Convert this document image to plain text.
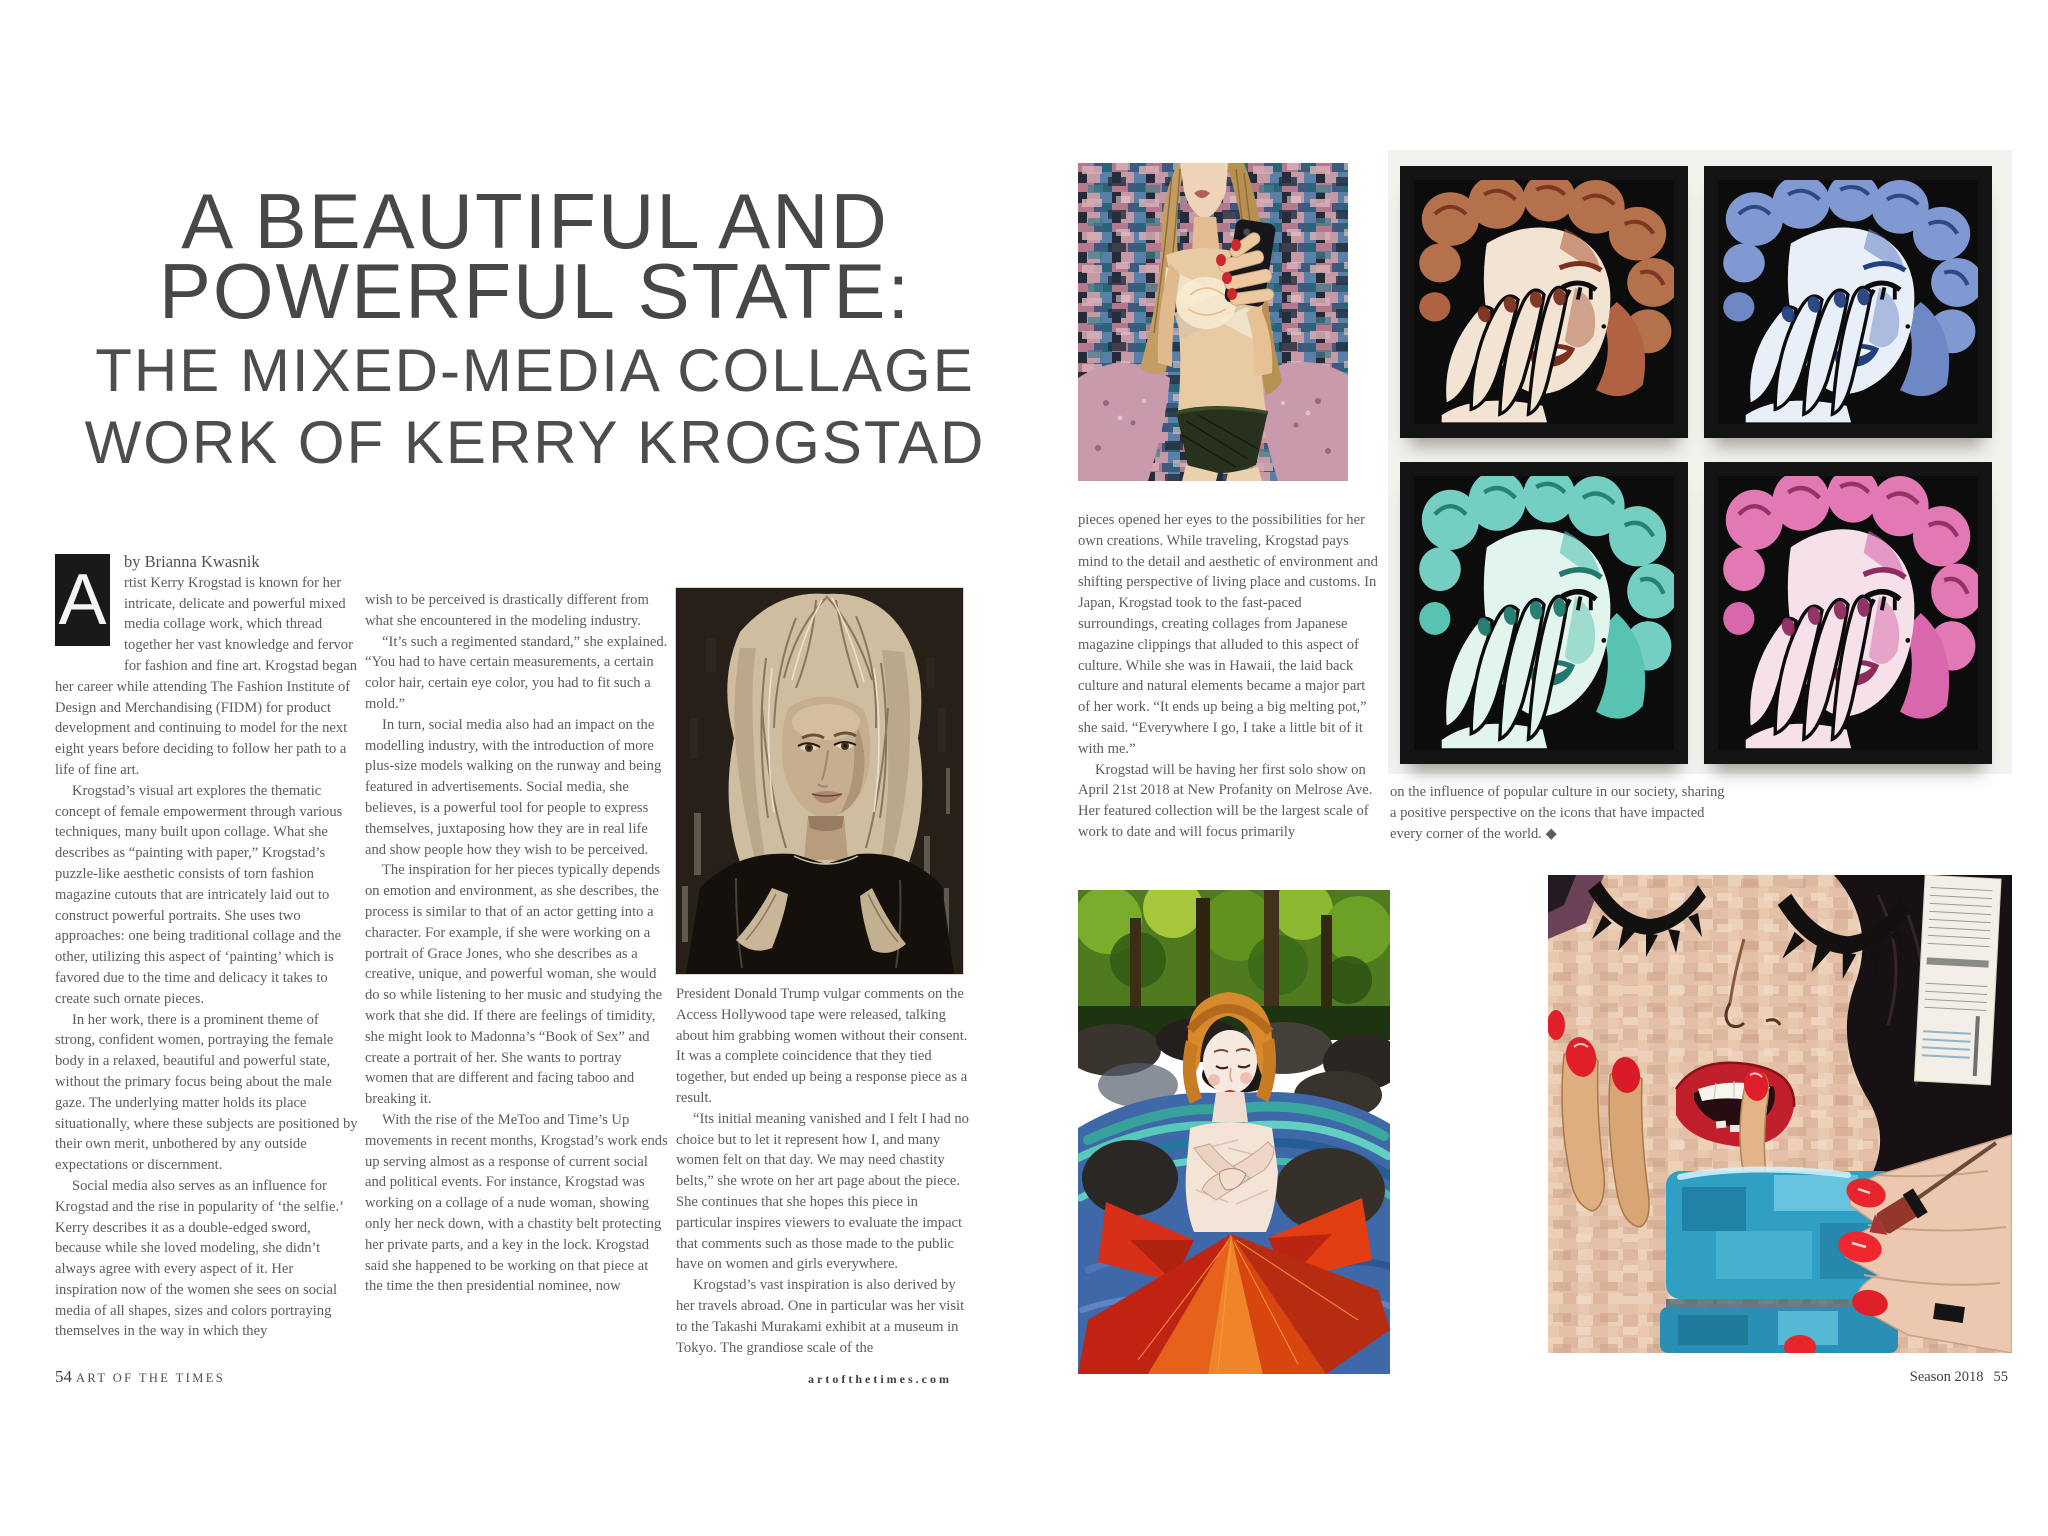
A BEAUTIFUL AND
POWERFUL STATE:
THE MIXED-MEDIA COLLAGE
WORK OF KERRY KROGSTAD
A	by Brianna Kwasnik

rtist Kerry Krogstad is known for her intricate, delicate and powerful mixed media collage work, which thread together her vast knowledge and fervor for fashion and fine art. Krogstad began her career while attending The Fashion Institute of Design and Merchandising (FIDM) for product development and continuing to model for the next eight years before deciding to follow her path to a life of fine art.

Krogstad’s visual art explores the thematic concept of female empowerment through various techniques, many built upon collage. What she describes as “painting with paper,” Krogstad’s puzzle-like aesthetic consists of torn fashion magazine cutouts that are intricately laid out to construct powerful portraits. She uses two approaches: one being traditional collage and the other, utilizing this aspect of ‘painting’ which is favored due to the time and delicacy it takes to create such ornate pieces.

In her work, there is a prominent theme of strong, confident women, portraying the female body in a relaxed, beautiful and powerful state, without the primary focus being about the male gaze. The underlying matter holds its place situationally, where these subjects are positioned by their own merit, unbothered by any outside expectations or discernment.

Social media also serves as an influence for Krogstad and the rise in popularity of ‘the selfie.’ Kerry describes it as a double-edged sword, because while she loved modeling, she didn’t always agree with every aspect of it. Her inspiration now of the women she sees on social media of all shapes, sizes and colors portraying themselves in the way in which they

wish to be perceived is drastically different from what she encountered in the modeling industry.

“It’s such a regimented standard,” she explained. “You had to have certain measurements, a certain color hair, certain eye color, you had to fit such a mold.”

In turn, social media also had an impact on the modelling industry, with the introduction of more plus-size models walking on the runway and being featured in advertisements. Social media, she believes, is a powerful tool for people to express themselves, juxtaposing how they are in real life and show people how they wish to be perceived.

The inspiration for her pieces typically depends on emotion and environment, as she describes, the process is similar to that of an actor getting into a character. For example, if she were working on a portrait of Grace Jones, who she describes as a creative, unique, and powerful woman, she would do so while listening to her music and studying the work that she did. If there are feelings of timidity, she might look to Madonna’s “Book of Sex” and create a portrait of her. She wants to portray women that are different and facing taboo and breaking it.

With the rise of the MeToo and Time’s Up movements in recent months, Krogstad’s work ends up serving almost as a response of current social and political events. For instance, Krogstad was working on a collage of a nude woman, showing only her neck down, with a chastity belt protecting her private parts, and a key in the lock. Krogstad said she happened to be working on that piece at the time the then presidential nominee, now

President Donald Trump vulgar comments on the Access Hollywood tape were released, talking about him grabbing women without their consent. It was a complete coincidence that they tied together, but ended up being a response piece as a result.

“Its initial meaning vanished and I felt I had no choice but to let it represent how I, and many women felt on that day. We may need chastity belts,” she wrote on her art page about the piece. She continues that she hopes this piece in particular inspires viewers to evaluate the impact that comments such as those made to the public have on women and girls everywhere.

Krogstad’s vast inspiration is also derived by her travels abroad. One in particular was her visit to the Takashi Murakami exhibit at a museum in Tokyo. The grandiose scale of the

pieces opened her eyes to the possibilities for her own creations. While traveling, Krogstad pays mind to the detail and aesthetic of environment and shifting perspective of living place and customs. In Japan, Krogstad took to the fast-paced surroundings, creating collages from Japanese magazine clippings that alluded to this aspect of culture. While she was in Hawaii, the laid back culture and natural elements became a major part of her work. “It ends up being a big melting pot,” she said. “Everywhere I go, I take a little bit of it with me.”

Krogstad will be having her first solo show on April 21st 2018 at New Profanity on Melrose Ave. Her featured collection will be the largest scale of work to date and will focus primarily

on the influence of popular culture in our society, sharing a positive perspective on the icons that have impacted every corner of the world. ◆

54 ART OF THE TIMES	artofthetimes.com	Season 2018 55
